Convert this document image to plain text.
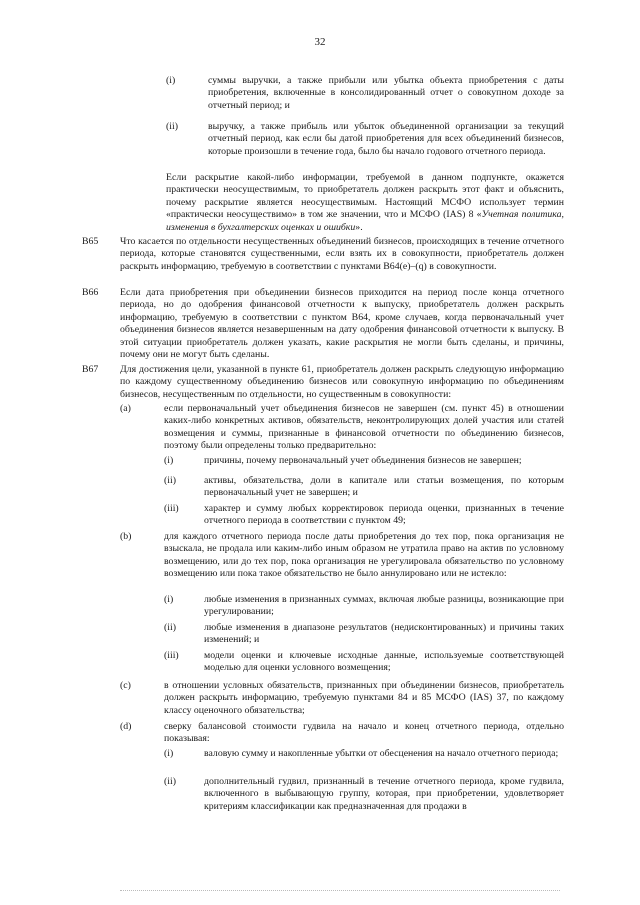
32

(i)	суммы выручки, а также прибыли или убытка объекта приобретения с даты приобретения, включенные в консолидированный отчет о совокупном доходе за отчетный период; и

(ii)	выручку, а также прибыль или убыток объединенной организации за текущий отчетный период, как если бы датой приобретения для всех объединений бизнесов, которые произошли в течение года, было бы начало годового отчетного периода.

Если раскрытие какой-либо информации, требуемой в данном подпункте, окажется практически неосуществимым, то приобретатель должен раскрыть этот факт и объяснить, почему раскрытие является неосуществимым. Настоящий МСФО использует термин «практически неосуществимо» в том же значении, что и МСФО (IAS) 8 «Учетная политика, изменения в бухгалтерских оценках и ошибки».

B65 Что касается по отдельности несущественных объединений бизнесов, происходящих в течение отчетного периода, которые становятся существенными, если взять их в совокупности, приобретатель должен раскрыть информацию, требуемую в соответствии с пунктами B64(e)–(q) в совокупности.

B66 Если дата приобретения при объединении бизнесов приходится на период после конца отчетного периода, но до одобрения финансовой отчетности к выпуску, приобретатель должен раскрыть информацию, требуемую в соответствии с пунктом B64, кроме случаев, когда первоначальный учет объединения бизнесов является незавершенным на дату одобрения финансовой отчетности к выпуску. В этой ситуации приобретатель должен указать, какие раскрытия не могли быть сделаны, и причины, почему они не могут быть сделаны.

B67 Для достижения цели, указанной в пункте 61, приобретатель должен раскрыть следующую информацию по каждому существенному объединению бизнесов или совокупную информацию по объединениям бизнесов, несущественным по отдельности, но существенным в совокупности:

(a)	если первоначальный учет объединения бизнесов не завершен (см. пункт 45) в отношении каких-либо конкретных активов, обязательств, неконтролирующих долей участия или статей возмещения и суммы, признанные в финансовой отчетности по объединению бизнесов, поэтому были определены только предварительно:

(i)	причины, почему первоначальный учет объединения бизнесов не завершен;

(ii)	активы, обязательства, доли в капитале или статьи возмещения, по которым первоначальный учет не завершен; и

(iii)	характер и сумму любых корректировок периода оценки, признанных в течение отчетного периода в соответствии с пунктом 49;

(b)	для каждого отчетного периода после даты приобретения до тех пор, пока организация не взыскала, не продала или каким-либо иным образом не утратила право на актив по условному возмещению, или до тех пор, пока организация не урегулировала обязательство по условному возмещению или пока такое обязательство не было аннулировано или не истекло:

(i)	любые изменения в признанных суммах, включая любые разницы, возникающие при урегулировании;

(ii)	любые изменения в диапазоне результатов (недисконтированных) и причины таких изменений; и

(iii)	модели оценки и ключевые исходные данные, используемые соответствующей моделью для оценки условного возмещения;

(c)	в отношении условных обязательств, признанных при объединении бизнесов, приобретатель должен раскрыть информацию, требуемую пунктами 84 и 85 МСФО (IAS) 37, по каждому классу оценочного обязательства;

(d)	сверку балансовой стоимости гудвила на начало и конец отчетного периода, отдельно показывая:

(i)	валовую сумму и накопленные убытки от обесценения на начало отчетного периода;

(ii)	дополнительный гудвил, признанный в течение отчетного периода, кроме гудвила, включенного в выбывающую группу, которая, при приобретении, удовлетворяет критериям классификации как предназначенная для продажи в
